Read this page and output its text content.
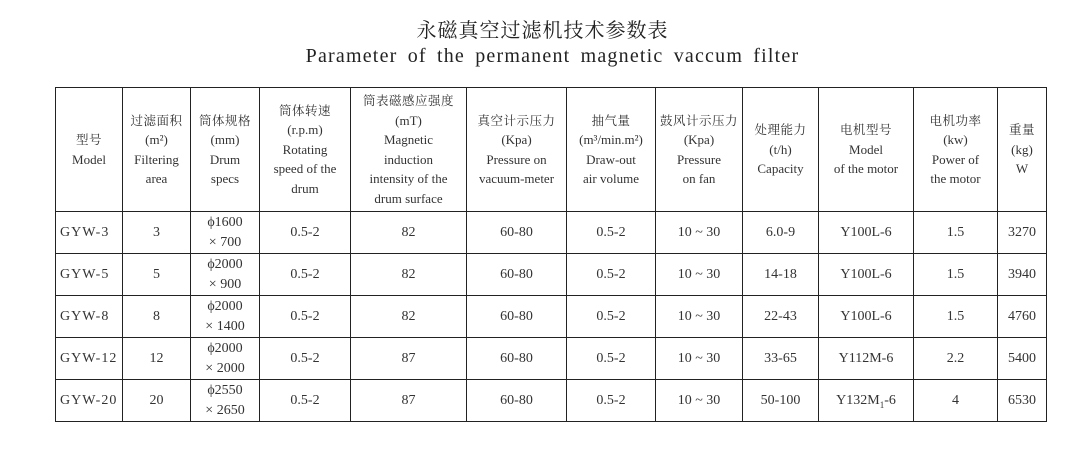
永磁真空过滤机技术参数表
Parameter of the permanent magnetic vaccum filter
型号
Model

过滤面积
(m²)
Filtering
area

筒体规格
(mm)
Drum
specs

筒体转速
(r.p.m)
Rotating
speed of the
drum

筒表磁感应强度
(mT)
Magnetic
induction
intensity of the
drum surface

真空计示压力
(Kpa)
Pressure on
vacuum-meter

抽气量
(m³/min.m²)
Draw-out
air volume

鼓风计示压力
(Kpa)
Pressure
on fan

处理能力
(t/h)
Capacity

电机型号
Model
of the motor

电机功率
(kw)
Power of
the motor

重量
(kg)
W

GYW-3	3	ϕ1600
× 700	0.5-2	82	60-80	0.5-2	10 ~ 30	6.0-9	Y100L-6	1.5	3270
GYW-5	5	ϕ2000
× 900	0.5-2	82	60-80	0.5-2	10 ~ 30	14-18	Y100L-6	1.5	3940
GYW-8	8	ϕ2000
× 1400	0.5-2	82	60-80	0.5-2	10 ~ 30	22-43	Y100L-6	1.5	4760
GYW-12	12	ϕ2000
× 2000	0.5-2	87	60-80	0.5-2	10 ~ 30	33-65	Y112M-6	2.2	5400
GYW-20	20	ϕ2550
× 2650	0.5-2	87	60-80	0.5-2	10 ~ 30	50-100	$Y132M_1-6$	4	6530
